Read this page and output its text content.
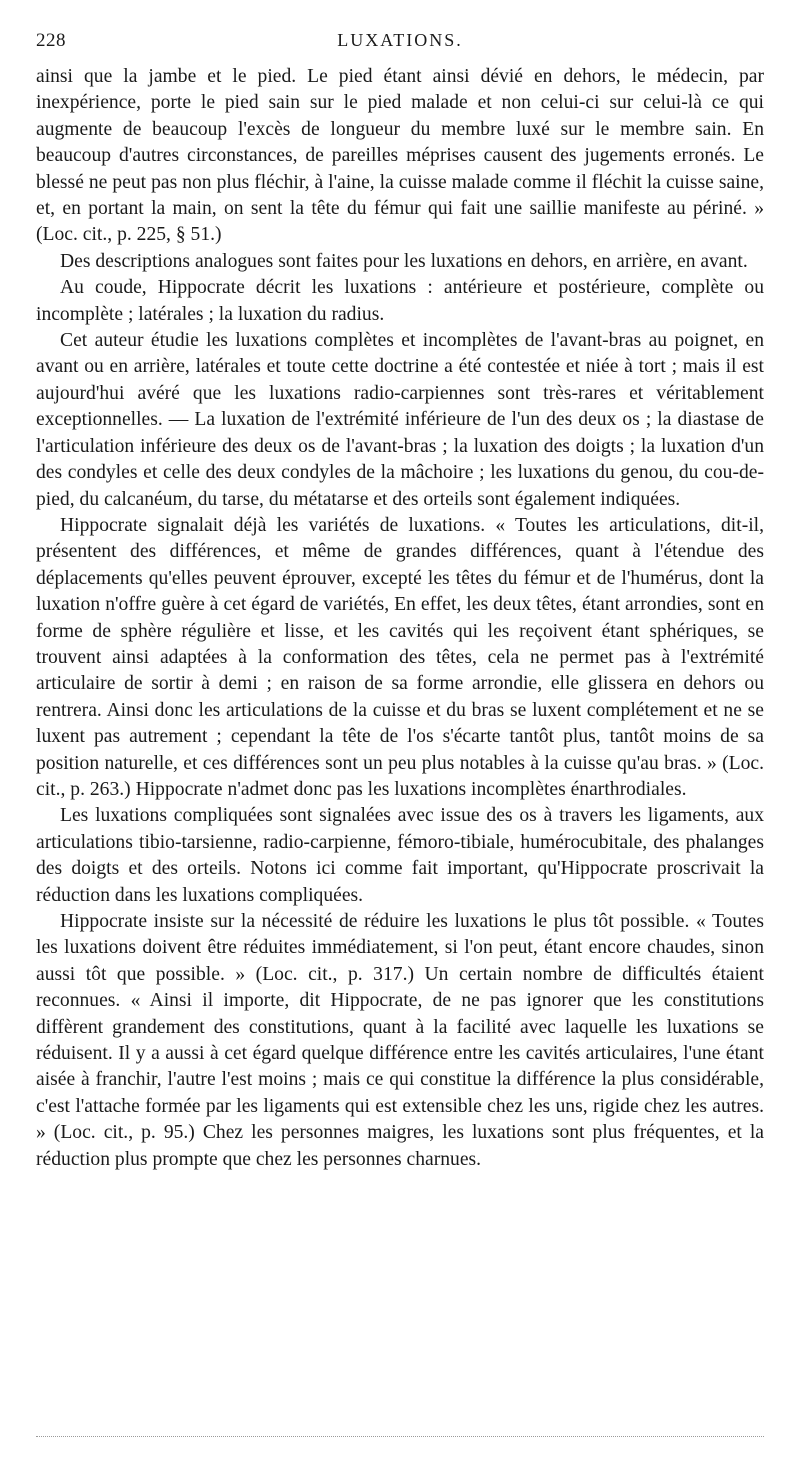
228	LUXATIONS.

ainsi que la jambe et le pied. Le pied étant ainsi dévié en dehors, le médecin, par inexpérience, porte le pied sain sur le pied malade et non celui-ci sur celui-là ce qui augmente de beaucoup l'excès de longueur du membre luxé sur le membre sain. En beaucoup d'autres circonstances, de pareilles méprises causent des jugements erronés. Le blessé ne peut pas non plus fléchir, à l'aine, la cuisse malade comme il fléchit la cuisse saine, et, en portant la main, on sent la tête du fémur qui fait une saillie manifeste au périné. » (Loc. cit., p. 225, § 51.)

Des descriptions analogues sont faites pour les luxations en dehors, en arrière, en avant.

Au coude, Hippocrate décrit les luxations : antérieure et postérieure, complète ou incomplète ; latérales ; la luxation du radius.

Cet auteur étudie les luxations complètes et incomplètes de l'avant-bras au poignet, en avant ou en arrière, latérales et toute cette doctrine a été contestée et niée à tort ; mais il est aujourd'hui avéré que les luxations radio-carpiennes sont très-rares et véritablement exceptionnelles. — La luxation de l'extrémité inférieure de l'un des deux os ; la diastase de l'articulation inférieure des deux os de l'avant-bras ; la luxation des doigts ; la luxation d'un des condyles et celle des deux condyles de la mâchoire ; les luxations du genou, du cou-de-pied, du calcanéum, du tarse, du métatarse et des orteils sont également indiquées.

Hippocrate signalait déjà les variétés de luxations. « Toutes les articulations, dit-il, présentent des différences, et même de grandes différences, quant à l'étendue des déplacements qu'elles peuvent éprouver, excepté les têtes du fémur et de l'humérus, dont la luxation n'offre guère à cet égard de variétés, En effet, les deux têtes, étant arrondies, sont en forme de sphère régulière et lisse, et les cavités qui les reçoivent étant sphériques, se trouvent ainsi adaptées à la conformation des têtes, cela ne permet pas à l'extrémité articulaire de sortir à demi ; en raison de sa forme arrondie, elle glissera en dehors ou rentrera. Ainsi donc les articulations de la cuisse et du bras se luxent complétement et ne se luxent pas autrement ; cependant la tête de l'os s'écarte tantôt plus, tantôt moins de sa position naturelle, et ces différences sont un peu plus notables à la cuisse qu'au bras. » (Loc. cit., p. 263.) Hippocrate n'admet donc pas les luxations incomplètes énarthrodiales.

Les luxations compliquées sont signalées avec issue des os à travers les ligaments, aux articulations tibio-tarsienne, radio-carpienne, fémoro-tibiale, humérocubitale, des phalanges des doigts et des orteils. Notons ici comme fait important, qu'Hippocrate proscrivait la réduction dans les luxations compliquées.

Hippocrate insiste sur la nécessité de réduire les luxations le plus tôt possible. « Toutes les luxations doivent être réduites immédiatement, si l'on peut, étant encore chaudes, sinon aussi tôt que possible. » (Loc. cit., p. 317.) Un certain nombre de difficultés étaient reconnues. « Ainsi il importe, dit Hippocrate, de ne pas ignorer que les constitutions diffèrent grandement des constitutions, quant à la facilité avec laquelle les luxations se réduisent. Il y a aussi à cet égard quelque différence entre les cavités articulaires, l'une étant aisée à franchir, l'autre l'est moins ; mais ce qui constitue la différence la plus considérable, c'est l'attache formée par les ligaments qui est extensible chez les uns, rigide chez les autres. » (Loc. cit., p. 95.) Chez les personnes maigres, les luxations sont plus fréquentes, et la réduction plus prompte que chez les personnes charnues.
